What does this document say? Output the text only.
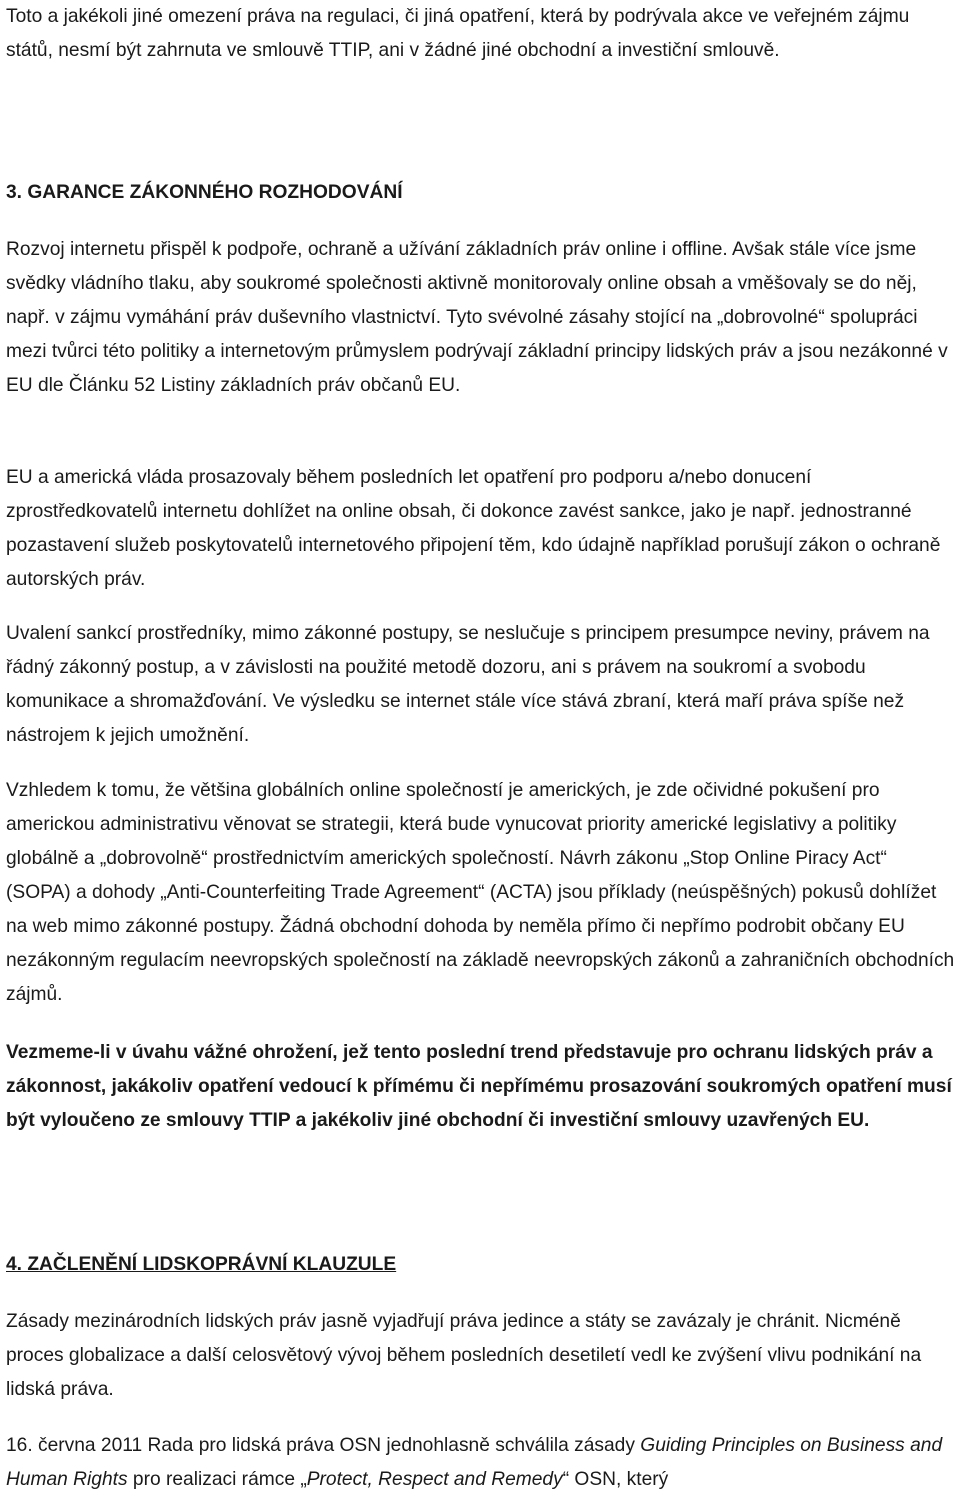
Toto a jakékoli jiné omezení práva na regulaci, či jiná opatření, která by podrývala akce ve veřejném zájmu států, nesmí být zahrnuta ve smlouvě TTIP, ani v žádné jiné obchodní a investiční smlouvě.

3. GARANCE ZÁKONNÉHO ROZHODOVÁNÍ

Rozvoj internetu přispěl k podpoře, ochraně a užívání základních práv online i offline. Avšak stále více jsme svědky vládního tlaku, aby soukromé společnosti aktivně monitorovaly online obsah a vměšovaly se do něj, např. v zájmu vymáhání práv duševního vlastnictví. Tyto svévolné zásahy stojící na „dobrovolné“ spolupráci mezi tvůrci této politiky a internetovým průmyslem podrývají základní principy lidských práv a jsou nezákonné v EU dle Článku 52 Listiny základních práv občanů EU.

EU a americká vláda prosazovaly během posledních let opatření pro podporu a/nebo donucení zprostředkovatelů internetu dohlížet na online obsah, či dokonce zavést sankce, jako je např. jednostranné pozastavení služeb poskytovatelů internetového připojení těm, kdo údajně například porušují zákon o ochraně autorských práv.

Uvalení sankcí prostředníky, mimo zákonné postupy, se neslučuje s principem presumpce neviny, právem na řádný zákonný postup, a v závislosti na použité metodě dozoru, ani s právem na soukromí a svobodu komunikace a shromažďování. Ve výsledku se internet stále více stává zbraní, která maří práva spíše než nástrojem k jejich umožnění.

Vzhledem k tomu, že většina globálních online společností je amerických, je zde očividné pokušení pro americkou administrativu věnovat se strategii, která bude vynucovat priority americké legislativy a politiky globálně a „dobrovolně“ prostřednictvím amerických společností. Návrh zákonu „Stop Online Piracy Act“ (SOPA) a dohody „Anti-Counterfeiting Trade Agreement“ (ACTA) jsou příklady (neúspěšných) pokusů dohlížet na web mimo zákonné postupy. Žádná obchodní dohoda by neměla přímo či nepřímo podrobit občany EU nezákonným regulacím neevropských společností na základě neevropských zákonů a zahraničních obchodních zájmů.

Vezmeme-li v úvahu vážné ohrožení, jež tento poslední trend představuje pro ochranu lidských práv a zákonnost, jakákoliv opatření vedoucí k přímému či nepřímému prosazování soukromých opatření musí být vyloučeno ze smlouvy TTIP a jakékoliv jiné obchodní či investiční smlouvy uzavřených EU.

4. ZAČLENĚNÍ LIDSKOPRÁVNÍ KLAUZULE

Zásady mezinárodních lidských práv jasně vyjadřují práva jedince a státy se zavázaly je chránit. Nicméně proces globalizace a další celosvětový vývoj během posledních desetiletí vedl ke zvýšení vlivu podnikání na lidská práva.

16. června 2011 Rada pro lidská práva OSN jednohlasně schválila zásady Guiding Principles on Business and Human Rights pro realizaci rámce „Protect, Respect and Remedy“ OSN, který
